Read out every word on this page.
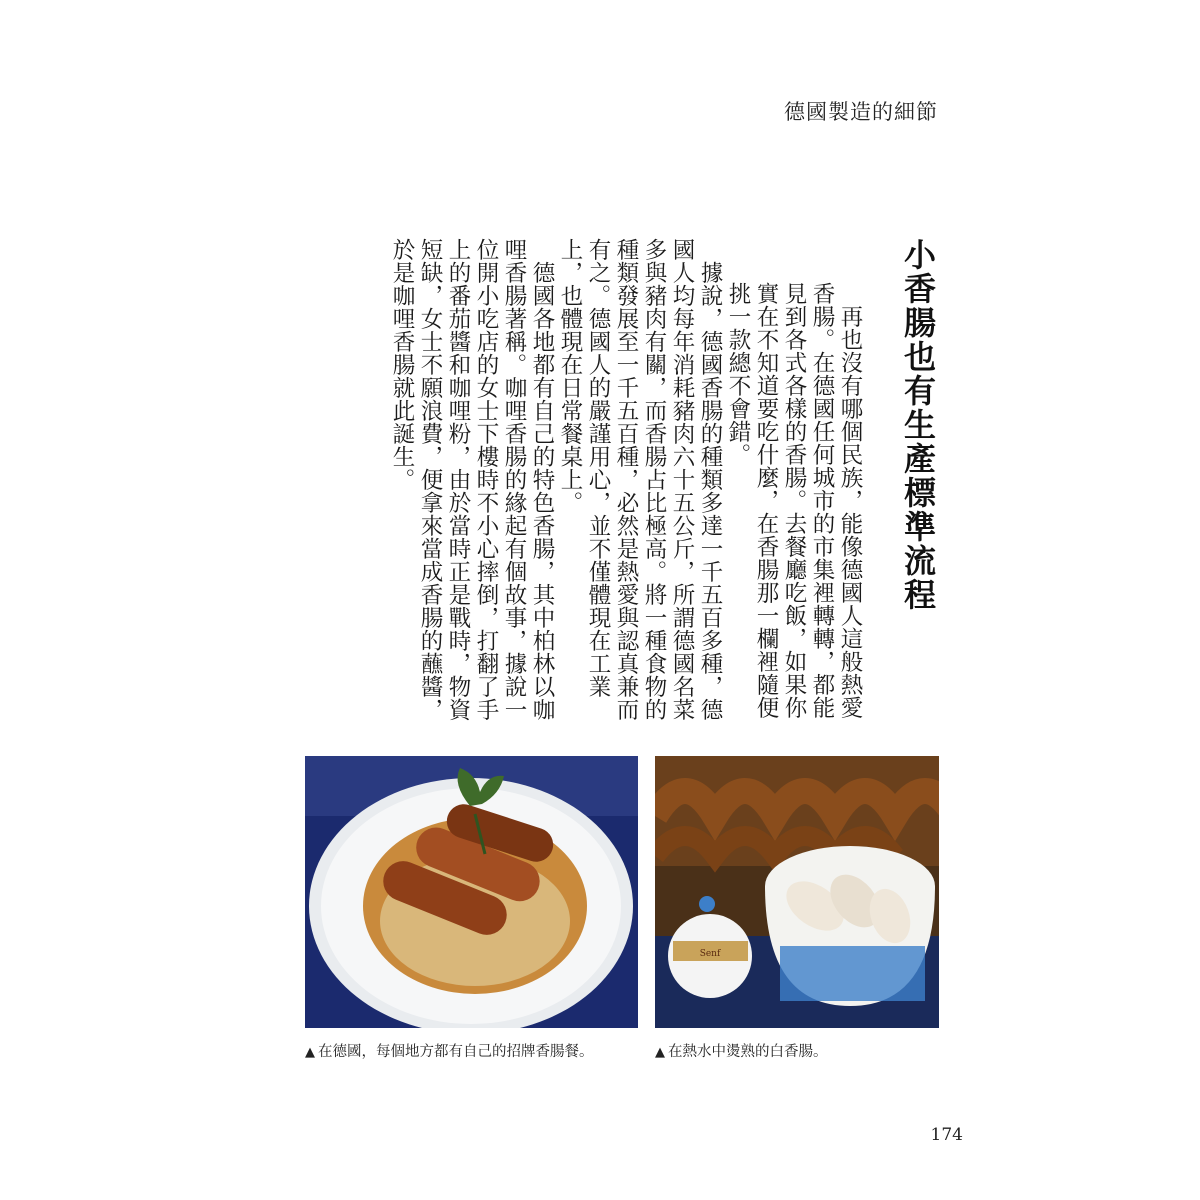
德國製造的細節
小香腸也有生產標準流程

再也沒有哪個民族，能像德國人這般熱愛香腸。在德國任何城市的市集裡轉轉，都能見到各式各樣的香腸。去餐廳吃飯，如果你實在不知道要吃什麼，在香腸那一欄裡隨便挑一款總不會錯。

據說，德國香腸的種類多達一千五百多種，德國人均每年消耗豬肉六十五公斤，所謂德國名菜多與豬肉有關，而香腸占比極高。將一種食物的種類發展至一千五百種，必然是熱愛與認真兼而有之。德國人的嚴謹用心，並不僅體現在工業上，也體現在日常餐桌上。

德國各地都有自己的特色香腸，其中柏林以咖哩香腸著稱。咖哩香腸的緣起有個故事，據說一位開小吃店的女士下樓時不小心摔倒，打翻了手上的番茄醬和咖哩粉，由於當時正是戰時，物資短缺，女士不願浪費，便拿來當成香腸的蘸醬，於是咖哩香腸就此誕生。

Senf
▲ 在德國，每個地方都有自己的招牌香腸餐。	▲ 在熱水中燙熟的白香腸。
174
